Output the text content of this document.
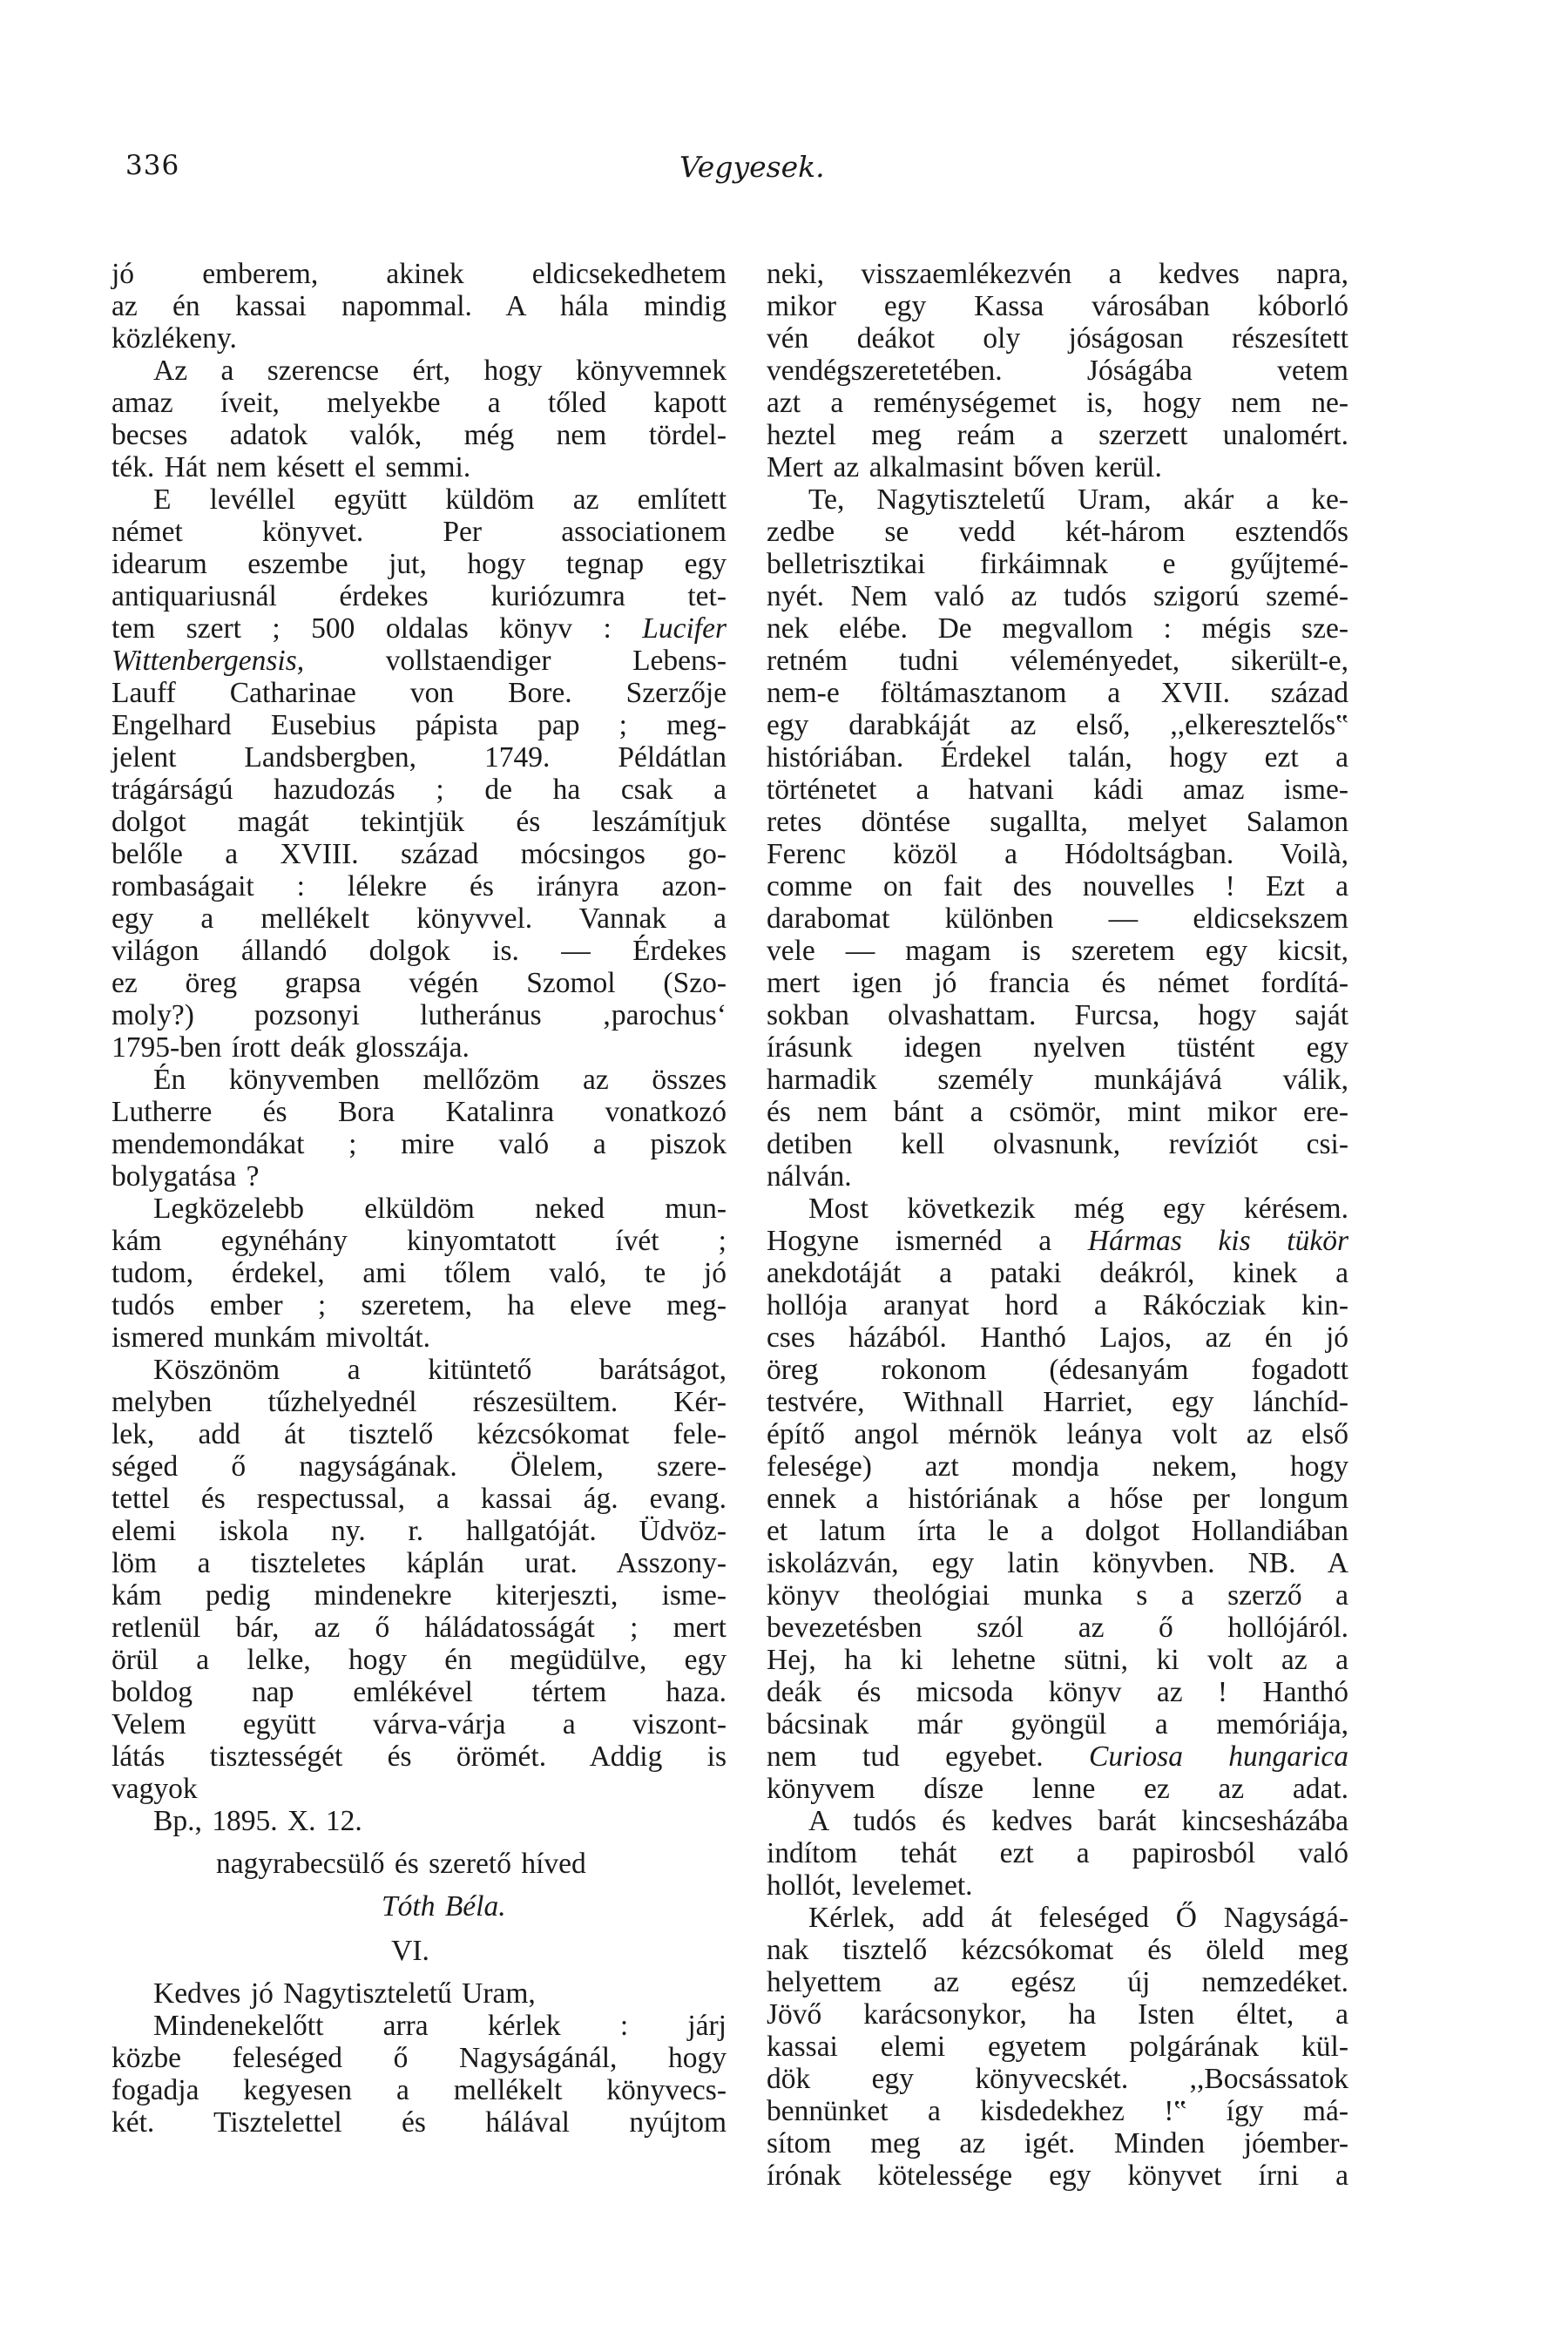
336	Vegyesek.
jó emberem, akinek eldicsekedhetem
az én kassai napommal. A hála mindig
közlékeny.
Az a szerencse ért, hogy könyvemnek
amaz íveit, melyekbe a tőled kapott
becses adatok valók, még nem tördel-
ték. Hát nem késett el semmi.
E levéllel együtt küldöm az említett
német könyvet. Per associationem
idearum eszembe jut, hogy tegnap egy
antiquariusnál érdekes kuriózumra tet-
tem szert ; 500 oldalas könyv : Lucifer
Wittenbergensis,	vollstaendiger Lebens-
Lauff Catharinae von Bore. Szerzője
Engelhard Eusebius pápista pap ; meg-
jelent Landsbergben, 1749. Példátlan
trágárságú hazudozás ; de ha csak a
dolgot magát tekintjük és leszámítjuk
belőle a XVIII. század mócsingos go-
rombaságait : lélekre és irányra azon-
egy a mellékelt könyvvel. Vannak a
világon állandó dolgok is. — Érdekes
ez öreg grapsa végén Szomol (Szo-
moly?) pozsonyi lutheránus ‚parochus‘
1795-ben írott deák glosszája.
Én könyvemben mellőzöm az összes
Lutherre és Bora Katalinra vonatkozó
mendemondákat ; mire való a piszok
bolygatása ?
Legközelebb elküldöm neked mun-
kám egynéhány kinyomtatott ívét ;
tudom, érdekel, ami tőlem való, te jó
tudós ember ; szeretem, ha eleve meg-
ismered munkám mivoltát.
Köszönöm a kitüntető barátságot,
melyben tűzhelyednél részesültem. Kér-
lek, add át tisztelő kézcsókomat fele-
séged ő nagyságának. Ölelem, szere-
tettel és respectussal, a kassai ág. evang.
elemi iskola ny. r. hallgatóját. Üdvöz-
löm a tiszteletes káplán urat. Asszony-
kám pedig mindenekre kiterjeszti, isme-
retlenül bár, az ő háládatosságát ; mert
örül a lelke, hogy én megüdülve, egy
boldog nap emlékével tértem haza.
Velem együtt várva-várja a viszont-
látás tisztességét és örömét. Addig is
vagyok
Bp., 1895. X. 12.
nagyrabecsülő és szerető híved
Tóth Béla.
VI.
Kedves jó Nagytiszteletű Uram,
Mindenekelőtt arra kérlek : járj
közbe feleséged ő Nagyságánál, hogy
fogadja kegyesen a mellékelt könyvecs-
két. Tisztelettel és hálával nyújtom
neki, visszaemlékezvén a kedves napra,
mikor egy Kassa városában kóborló
vén deákot oly jóságosan részesített
vendégszeretetében. Jóságába vetem
azt a reménységemet is, hogy nem ne-
heztel meg reám a szerzett unalomért.
Mert az alkalmasint bőven kerül.
Te, Nagytiszteletű Uram, akár a ke-
zedbe se vedd két-három esztendős
belletrisztikai firkáimnak e gyűjtemé-
nyét. Nem való az tudós szigorú szemé-
nek elébe. De megvallom : mégis sze-
retném tudni véleményedet, sikerült-e,
nem-e föltámasztanom a XVII. század
egy darabkáját az első, ,,elkeresztelős‟
históriában. Érdekel talán, hogy ezt a
történetet a hatvani kádi amaz isme-
retes döntése sugallta, melyet Salamon
Ferenc közöl a Hódoltságban. Voilà,
comme on fait des nouvelles ! Ezt a
darabomat különben — eldicsekszem
vele — magam is szeretem egy kicsit,
mert igen jó francia és német fordítá-
sokban olvashattam. Furcsa, hogy saját
írásunk idegen nyelven tüstént egy
harmadik személy munkájává válik,
és nem bánt a csömör, mint mikor ere-
detiben kell olvasnunk, revíziót csi-
nálván.
Most következik még egy kérésem.
Hogyne ismernéd a Hármas kis tükör
anekdotáját a pataki deákról, kinek a
hollója aranyat hord a Rákócziak kin-
cses házából. Hanthó Lajos, az én jó
öreg rokonom (édesanyám fogadott
testvére, Withnall Harriet, egy lánchíd-
építő angol mérnök leánya volt az első
felesége) azt mondja nekem, hogy
ennek a históriának a hőse per longum
et latum írta le a dolgot Hollandiában
iskolázván, egy latin könyvben. NB. A
könyv theológiai munka s a szerző a
bevezetésben szól az ő hollójáról.
Hej, ha ki lehetne sütni, ki volt az a
deák és micsoda könyv az ! Hanthó
bácsinak már gyöngül a memóriája,
nem tud egyebet. Curiosa hungarica
könyvem dísze lenne ez az adat.
A tudós és kedves barát kincsesházába
indítom tehát ezt a papirosból való
hollót, levelemet.
Kérlek, add át feleséged Ő Nagyságá-
nak tisztelő kézcsókomat és öleld meg
helyettem az egész új nemzedéket.
Jövő karácsonykor, ha Isten éltet, a
kassai elemi egyetem polgárának kül-
dök egy könyvecskét. ,,Bocsássatok
bennünket a kisdedekhez !‟ így má-
sítom meg az igét. Minden jóember-
írónak kötelessége egy könyvet írni a
